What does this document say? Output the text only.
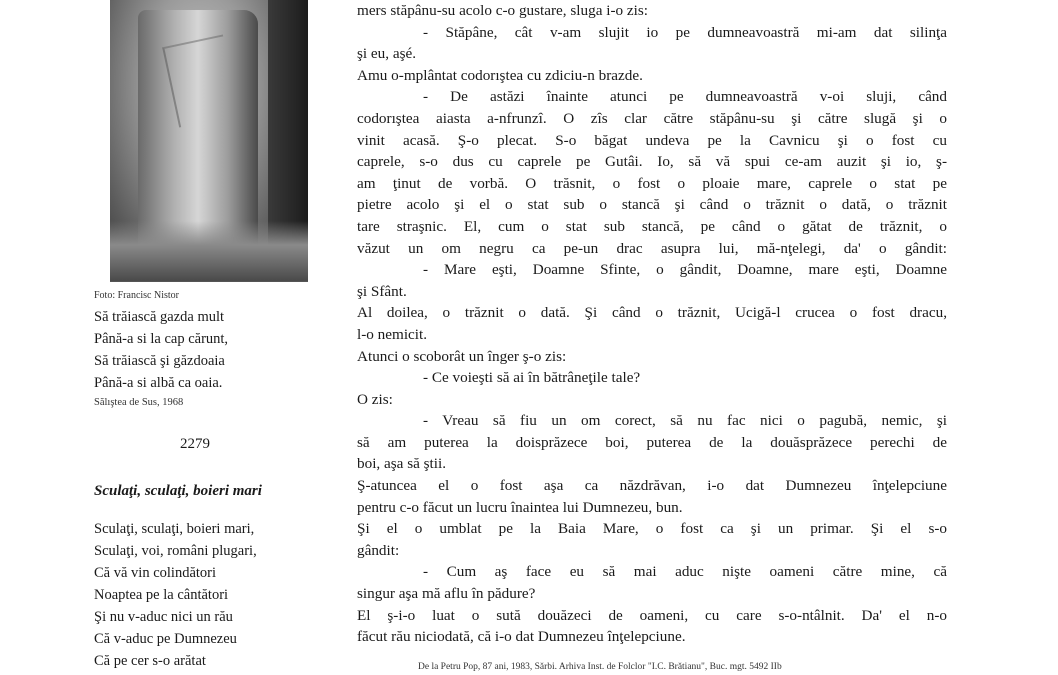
Foto: Francisc Nistor
Să trăiască gazda mult
Până-a si la cap cărunt,
Să trăiască şi găzdoaia
Până-a si albă ca oaia.
Sălıştea de Sus, 1968
2279
Sculaţi, sculaţi, boieri mari
Sculaţi, sculaţi, boieri mari,
Sculaţi, voi, români plugari,
Că vă vin colindători
Noaptea pe la cântători
Şi nu v-aduc nici un rău
Că v-aduc pe Dumnezeu
Că pe cer s-o arătat
mers stăpânu-su acolo c-o gustare, sluga i-o zis:
- Stăpâne, cât v-am slujit io pe dumneavoastră mi-am dat silinţa
şi eu, aşé.
Amu o-mplântat codorıştea cu zdiciu-n brazde.
- De astăzi înainte atunci pe dumneavoastră v-oi sluji, când
codorıştea aiasta a-nfrunzî. O zîs clar către stăpânu-su şi către slugă şi o
vinit acasă. Ş-o plecat. S-o băgat undeva pe la Cavnicu şi o fost cu
caprele, s-o dus cu caprele pe Gutâi. Io, să vă spui ce-am auzit şi io, ş-
am ţinut de vorbă. O trăsnit, o fost o ploaie mare, caprele o stat pe
pietre acolo şi el o stat sub o stancă şi când o trăznit o dată, o trăznit
tare straşnic. El, cum o stat sub stancă, pe când o gătat de trăznit, o
văzut un om negru ca pe-un drac asupra lui, mă-nţelegi, da' o gândit:
- Mare eşti, Doamne Sfinte, o gândit, Doamne, mare eşti, Doamne
şi Sfânt.
Al doilea, o trăznit o dată. Şi când o trăznit, Ucigă-l crucea o fost dracu,
l-o nemicit.
Atunci o scoborât un înger ş-o zis:
- Ce voieşti să ai în bătrâneţile tale?
O zis:
- Vreau să fiu un om corect, să nu fac nici o pagubă, nemic, şi
să am puterea la doisprăzece boi, puterea de la douăsprăzece perechi de
boi, aşa să ştii.
Ş-atuncea el o fost aşa ca năzdrăvan, i-o dat Dumnezeu înţelepciune
pentru c-o făcut un lucru înaintea lui Dumnezeu, bun.
Şi el o umblat pe la Baia Mare, o fost ca şi un primar. Şi el s-o
gândit:
- Cum aş face eu să mai aduc nişte oameni către mine, că
singur aşa mă aflu în pădure?
El ş-i-o luat o sută douăzeci de oameni, cu care s-o-ntâlnit. Da' el n-o
făcut rău niciodată, că i-o dat Dumnezeu înţelepciune.
De la Petru Pop, 87 ani, 1983, Sărbi. Arhiva Inst. de Folclor "I.C. Brătianu", Buc. mgt. 5492 IIb
